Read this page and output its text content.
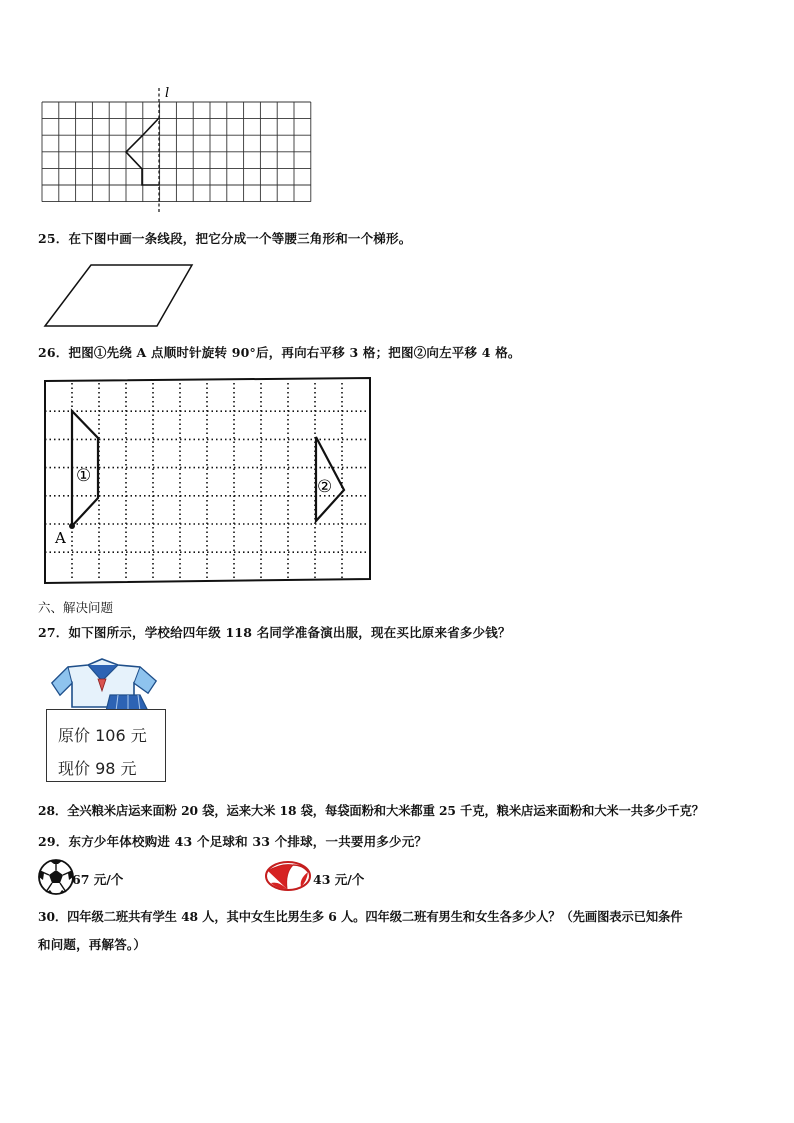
l
25．在下图中画一条线段，把它分成一个等腰三角形和一个梯形。
26．把图①先绕 A 点顺时针旋转 90°后，再向右平移 3 格；把图②向左平移 4 格。
A
①
②
六、解决问题
27．如下图所示，学校给四年级 118 名同学准备演出服，现在买比原来省多少钱？
原价 106 元
现价 98 元
28．全兴粮米店运来面粉 20 袋，运来大米 18 袋，每袋面粉和大米都重 25 千克，粮米店运来面粉和大米一共多少千克？
29．东方少年体校购进 43 个足球和 33 个排球，一共要用多少元？
67 元/个	43 元/个
30．四年级二班共有学生 48 人，其中女生比男生多 6 人。四年级二班有男生和女生各多少人？（先画图表示已知条件
和问题，再解答。）
